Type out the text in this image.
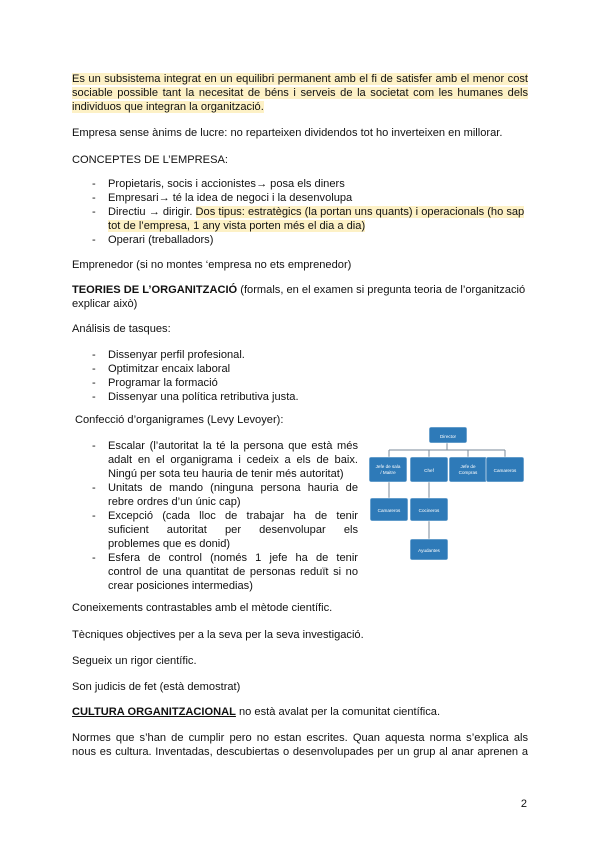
Es un subsistema integrat en un equilibri permanent amb el fi de satisfer amb el menor cost

sociable possible tant la necesitat de béns i serveis de la societat com les humanes dels

individuos que integran la organització.

Empresa sense ànims de lucre: no reparteixen dividendos tot ho inverteixen en millorar.

CONCEPTES DE L’EMPRESA:

- Propietaris, socis i accionistes→ posa els diners
- Empresari→ té la idea de negoci i la desenvolupa
- Directiu → dirigir. Dos tipus: estratègics (la portan uns quants) i operacionals (ho sap
tot de l’empresa, 1 any vista porten més el dia a dia)
- Operari (treballadors)

Emprenedor (si no montes ‘empresa no ets emprenedor)

TEORIES DE L’ORGANITZACIÓ (formals, en el examen si pregunta teoria de l’organització

explicar això)

Análisis de tasques:

- Dissenyar perfil profesional.
- Optimitzar encaix laboral
- Programar la formació
- Dissenyar una política retributiva justa.

Confecció d’organigrames (Levy Levoyer):

- Escalar (l’autoritat la té la persona que està més

adalt en el organigrama i cedeix a els de baix.

Ningú per sota teu hauria de tenir més autoritat)

- Unitats de mando (ninguna persona hauria de

rebre ordres d’un únic cap)

- Excepció (cada lloc de trabajar ha de tenir

suficient autoritat per desenvolupar els

problemes que es donid)

- Esfera de control (només 1 jefe ha de tenir

control de una quantitat de personas reduït si no

crear posiciones intermedias)

Director
Jefe de sala / Maitre	Chef
Jefe de Compras	Camareros
Camareros	Cocineros
Ayudantes

Coneixements contrastables amb el mètode científic.

Tècniques objectives per a la seva per la seva investigació.

Segueix un rigor científic.

Son judicis de fet (està demostrat)

CULTURA ORGANITZACIONAL no està avalat per la comunitat científica.

Normes que s’han de cumplir pero no estan escrites. Quan aquesta norma s’explica als

nous es cultura. Inventadas, descubiertas o desenvolupades per un grup al anar aprenen a

2
